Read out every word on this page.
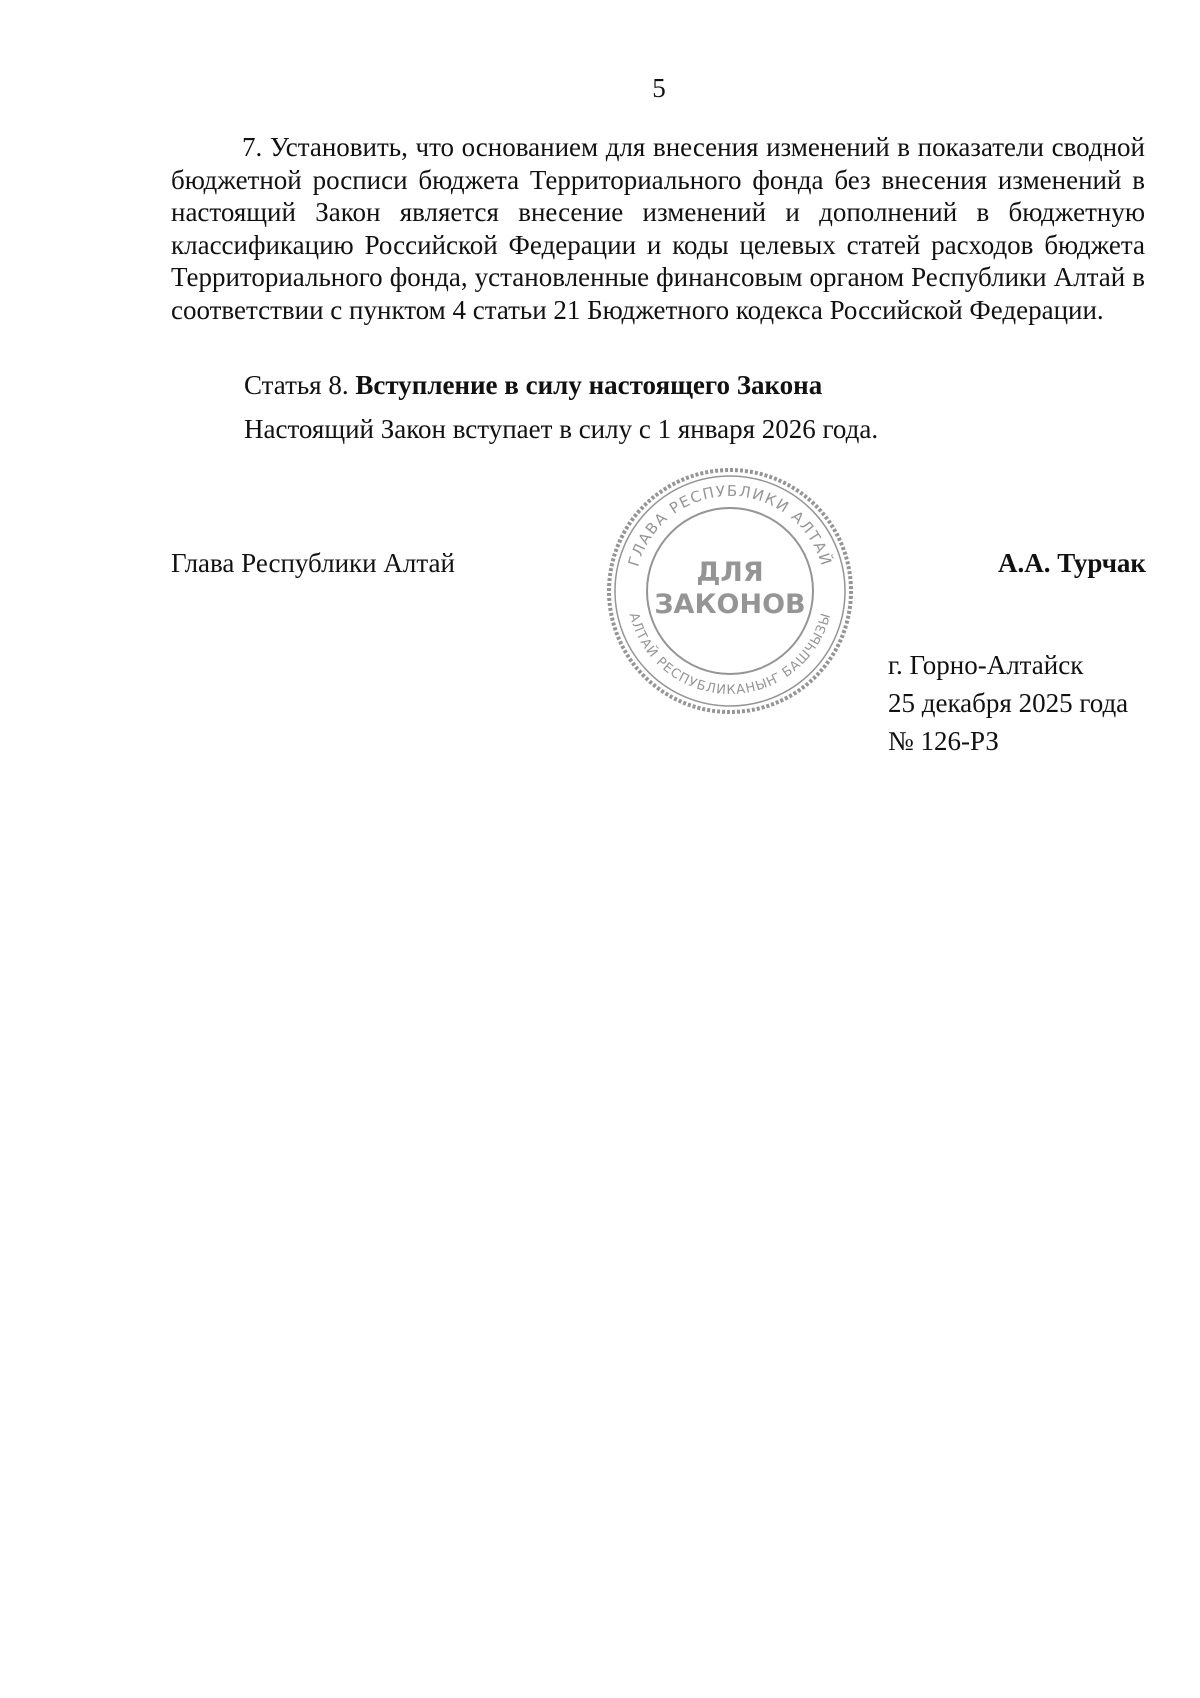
5

7. Установить, что основанием для внесения изменений в показатели сводной бюджетной росписи бюджета Территориального фонда без внесения изменений в настоящий Закон является внесение изменений и дополнений в бюджетную классификацию Российской Федерации и коды целевых статей расходов бюджета Территориального фонда, установленные финансовым органом Республики Алтай в соответствии с пунктом 4 статьи 21 Бюджетного кодекса Российской Федерации.

Статья 8. Вступление в силу настоящего Закона

Настоящий Закон вступает в силу с 1 января 2026 года.

Глава Республики Алтай	ГЛАВА РЕСПУБЛИКИ АЛТАЙ
АЛТАЙ РЕСПУБЛИКАНЫҤ БАШЧЫЗЫ
ДЛЯ
ЗАКОНОВ
А.А. Турчак
г. Горно-Алтайск
25 декабря 2025 года
№ 126-РЗ
